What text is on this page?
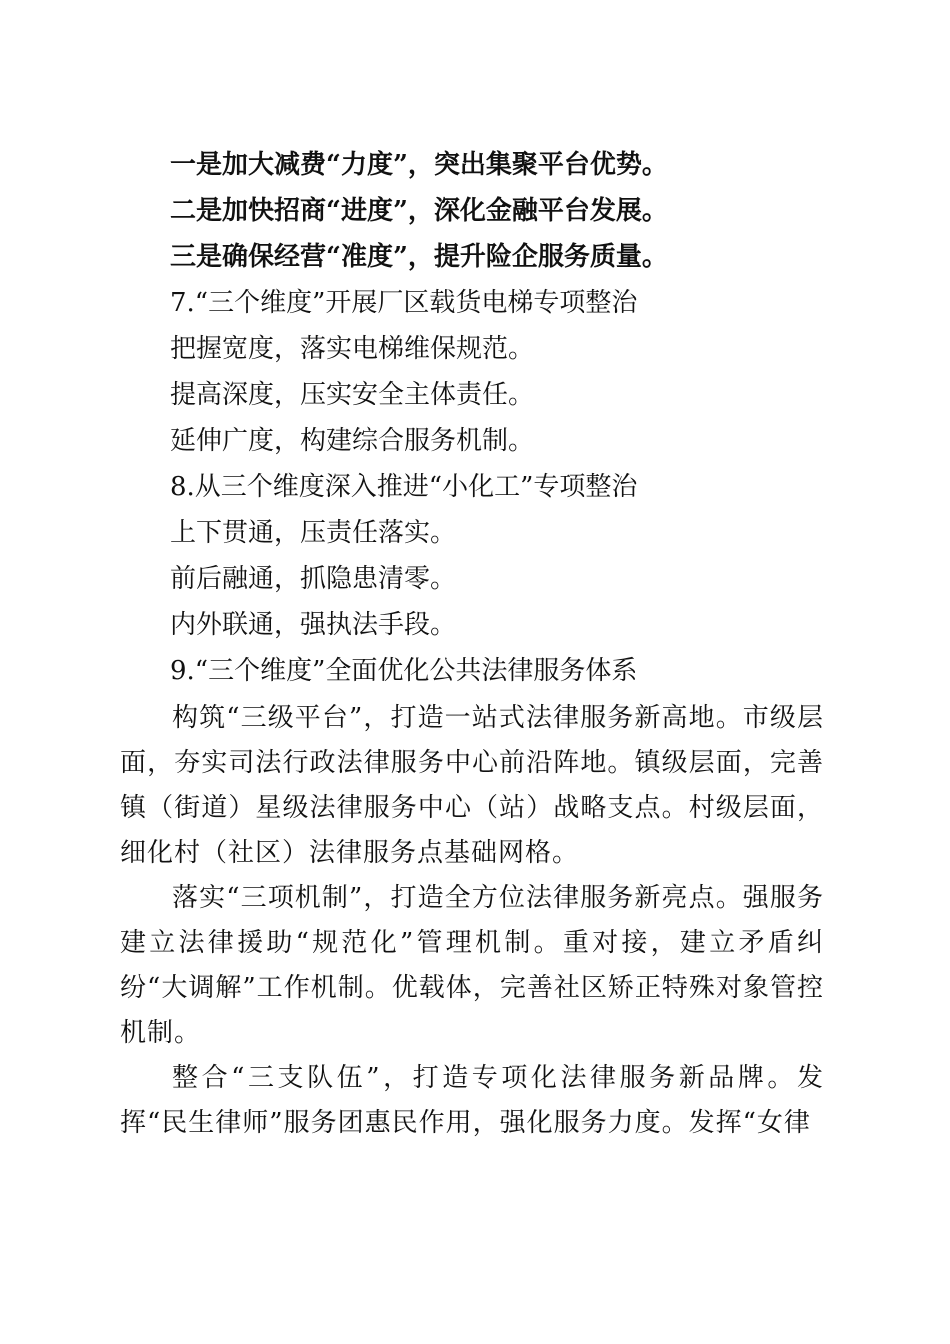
一是加大减费“力度”，突出集聚平台优势。
二是加快招商“进度”，深化金融平台发展。
三是确保经营“准度”，提升险企服务质量。
7.“三个维度”开展厂区载货电梯专项整治
把握宽度，落实电梯维保规范。
提高深度，压实安全主体责任。
延伸广度，构建综合服务机制。
8.从三个维度深入推进“小化工”专项整治
上下贯通，压责任落实。
前后融通，抓隐患清零。
内外联通，强执法手段。
9.“三个维度”全面优化公共法律服务体系

构筑“三级平台”，打造一站式法律服务新高地。市级层面，夯实司法行政法律服务中心前沿阵地。镇级层面，完善镇（街道）星级法律服务中心（站）战略支点。村级层面，细化村（社区）法律服务点基础网格。

落实“三项机制”，打造全方位法律服务新亮点。强服务建立法律援助“规范化”管理机制。重对接，建立矛盾纠纷“大调解”工作机制。优载体，完善社区矫正特殊对象管控机制。

整合“三支队伍”，打造专项化法律服务新品牌。发挥“民生律师”服务团惠民作用，强化服务力度。发挥“女律
